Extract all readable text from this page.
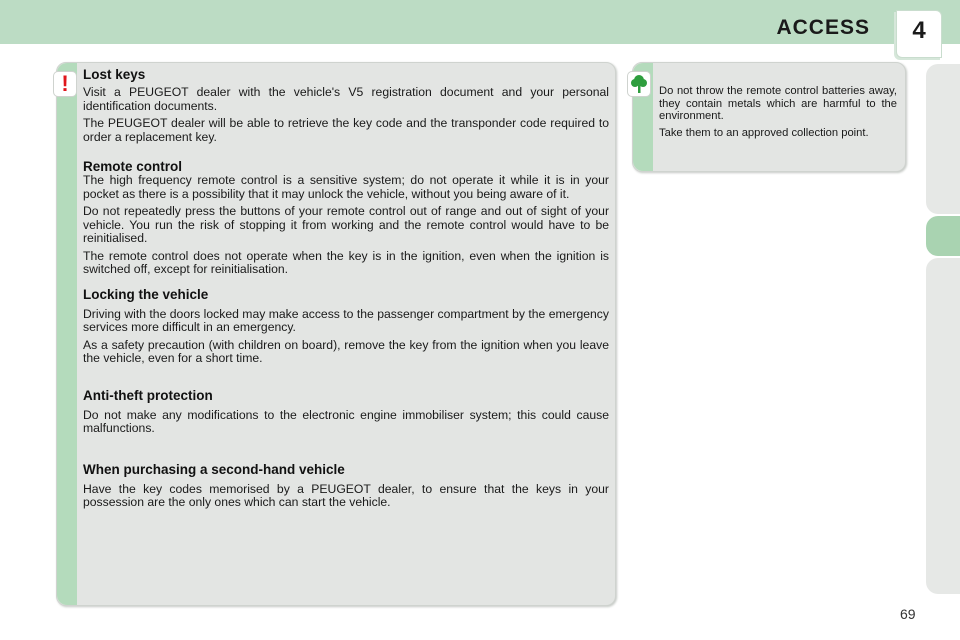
ACCESS	4
!	Lost keys

Visit a PEUGEOT dealer with the vehicle's V5 registration document and your personal identification documents.

The PEUGEOT dealer will be able to retrieve the key code and the transponder code required to order a replacement key.

Remote control

The high frequency remote control is a sensitive system; do not operate it while it is in your pocket as there is a possibility that it may unlock the vehicle, without you being aware of it.

Do not repeatedly press the buttons of your remote control out of range and out of sight of your vehicle. You run the risk of stopping it from working and the remote control would have to be reinitialised.

The remote control does not operate when the key is in the ignition, even when the ignition is switched off, except for reinitialisation.

Locking the vehicle

Driving with the doors locked may make access to the passenger compartment by the emergency services more difficult in an emergency.

As a safety precaution (with children on board), remove the key from the ignition when you leave the vehicle, even for a short time.

Anti-theft protection

Do not make any modifications to the electronic engine immobiliser system; this could cause malfunctions.

When purchasing a second-hand vehicle

Have the key codes memorised by a PEUGEOT dealer, to ensure that the keys in your possession are the only ones which can start the vehicle.

Do not throw the remote control batteries away, they contain metals which are harmful to the environment.

Take them to an approved collection point.

69
